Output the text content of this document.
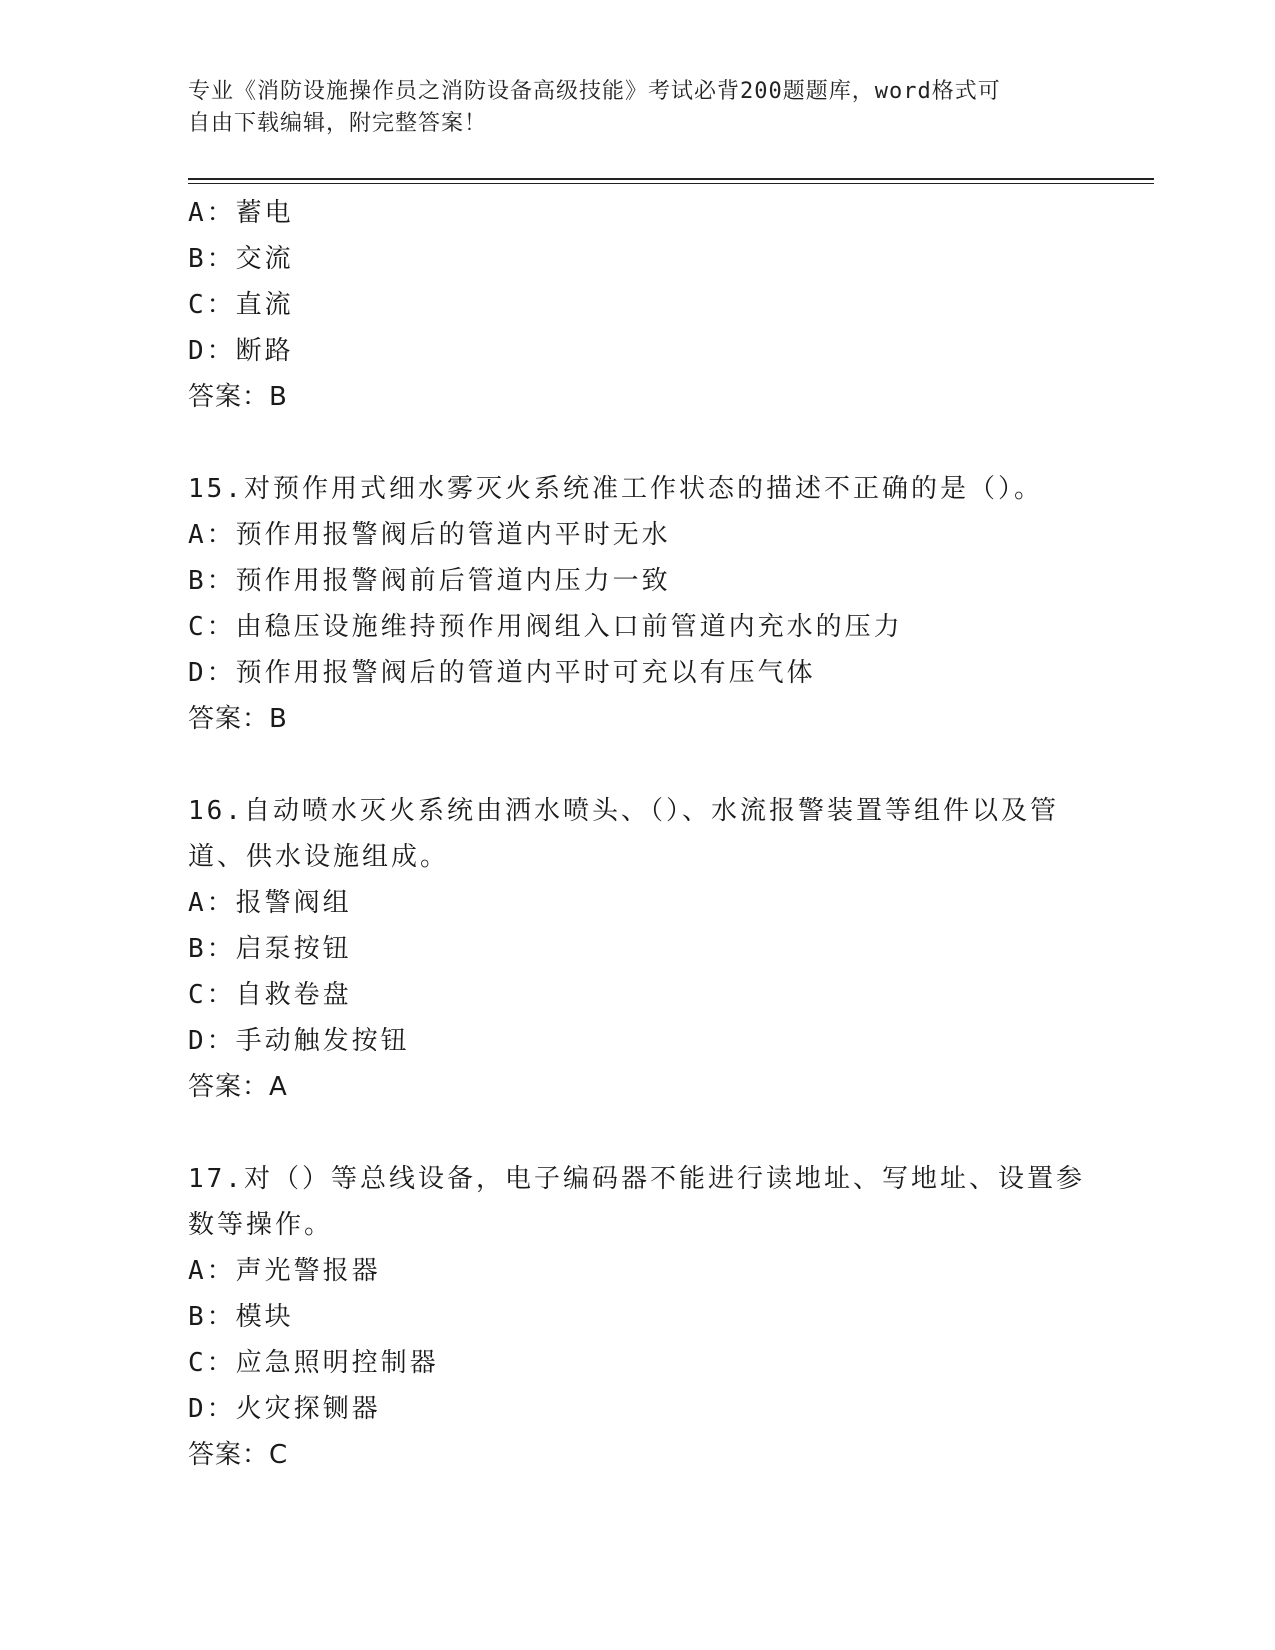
专业《消防设施操作员之消防设备高级技能》考试必背200题题库，word格式可
自由下载编辑，附完整答案！
A：蓄电
B：交流
C：直流
D：断路
答案：B
15.对预作用式细水雾灭火系统准工作状态的描述不正确的是（）。
A：预作用报警阀后的管道内平时无水
B：预作用报警阀前后管道内压力一致
C：由稳压设施维持预作用阀组入口前管道内充水的压力
D：预作用报警阀后的管道内平时可充以有压气体
答案：B
16.自动喷水灭火系统由洒水喷头、（）、水流报警装置等组件以及管
道、供水设施组成。
A：报警阀组
B：启泵按钮
C：自救卷盘
D：手动触发按钮
答案：A
17.对（）等总线设备，电子编码器不能进行读地址、写地址、设置参
数等操作。
A：声光警报器
B：模块
C：应急照明控制器
D：火灾探铡器
答案：C
